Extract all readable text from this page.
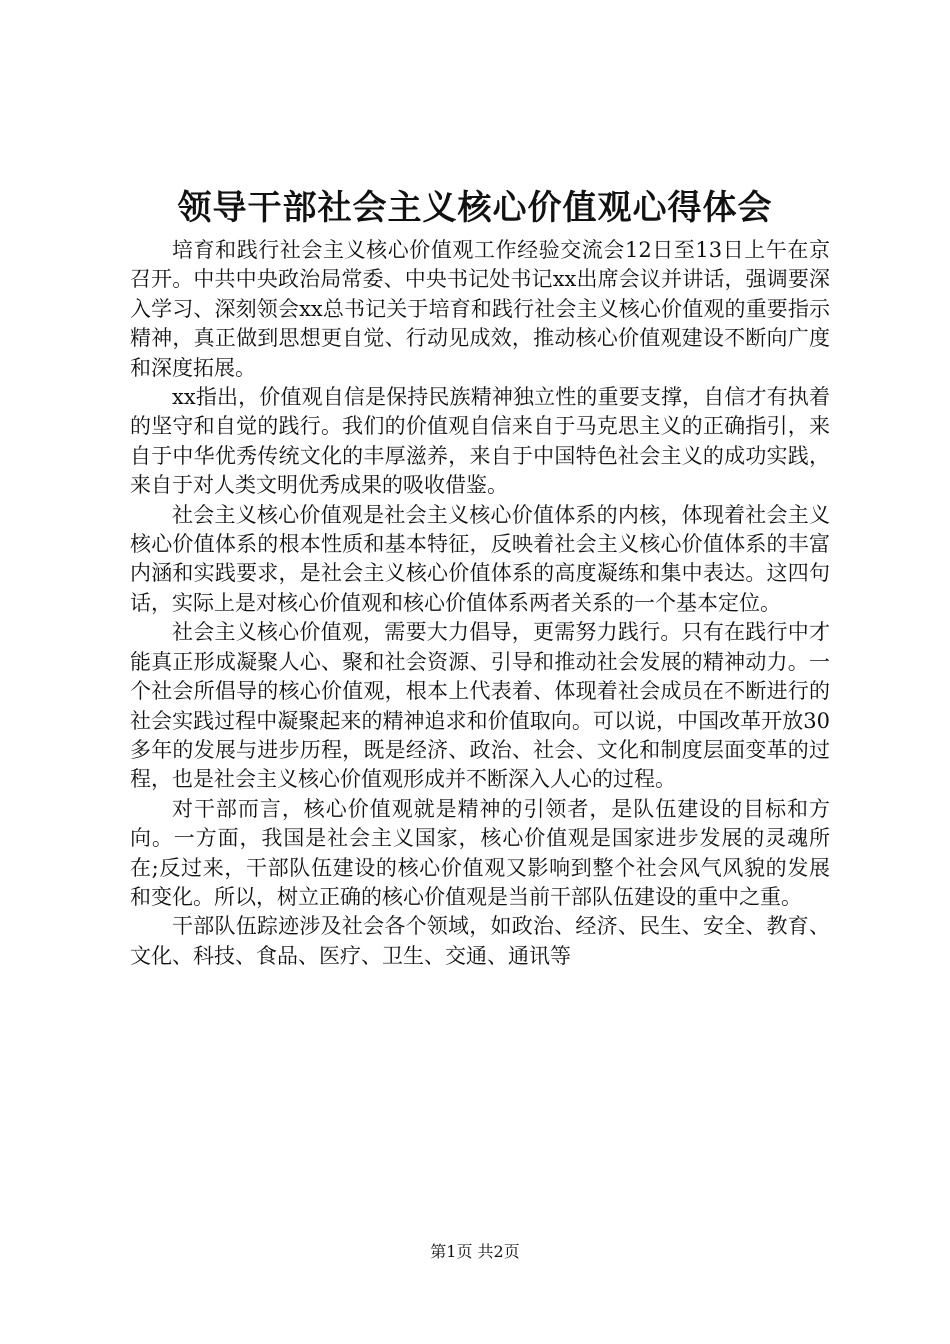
领导干部社会主义核心价值观心得体会

培育和践行社会主义核心价值观工作经验交流会12日至13日上午在京召开。中共中央政治局常委、中央书记处书记xx出席会议并讲话，强调要深入学习、深刻领会xx总书记关于培育和践行社会主义核心价值观的重要指示精神，真正做到思想更自觉、行动见成效，推动核心价值观建设不断向广度和深度拓展。

xx指出，价值观自信是保持民族精神独立性的重要支撑，自信才有执着的坚守和自觉的践行。我们的价值观自信来自于马克思主义的正确指引，来自于中华优秀传统文化的丰厚滋养，来自于中国特色社会主义的成功实践，来自于对人类文明优秀成果的吸收借鉴。

社会主义核心价值观是社会主义核心价值体系的内核，体现着社会主义核心价值体系的根本性质和基本特征，反映着社会主义核心价值体系的丰富内涵和实践要求，是社会主义核心价值体系的高度凝练和集中表达。这四句话，实际上是对核心价值观和核心价值体系两者关系的一个基本定位。

社会主义核心价值观，需要大力倡导，更需努力践行。只有在践行中才能真正形成凝聚人心、聚和社会资源、引导和推动社会发展的精神动力。一个社会所倡导的核心价值观，根本上代表着、体现着社会成员在不断进行的社会实践过程中凝聚起来的精神追求和价值取向。可以说，中国改革开放30多年的发展与进步历程，既是经济、政治、社会、文化和制度层面变革的过程，也是社会主义核心价值观形成并不断深入人心的过程。

对干部而言，核心价值观就是精神的引领者，是队伍建设的目标和方向。一方面，我国是社会主义国家，核心价值观是国家进步发展的灵魂所在;反过来，干部队伍建设的核心价值观又影响到整个社会风气风貌的发展和变化。所以，树立正确的核心价值观是当前干部队伍建设的重中之重。

干部队伍踪迹涉及社会各个领域，如政治、经济、民生、安全、教育、文化、科技、食品、医疗、卫生、交通、通讯等

第1页 共2页
